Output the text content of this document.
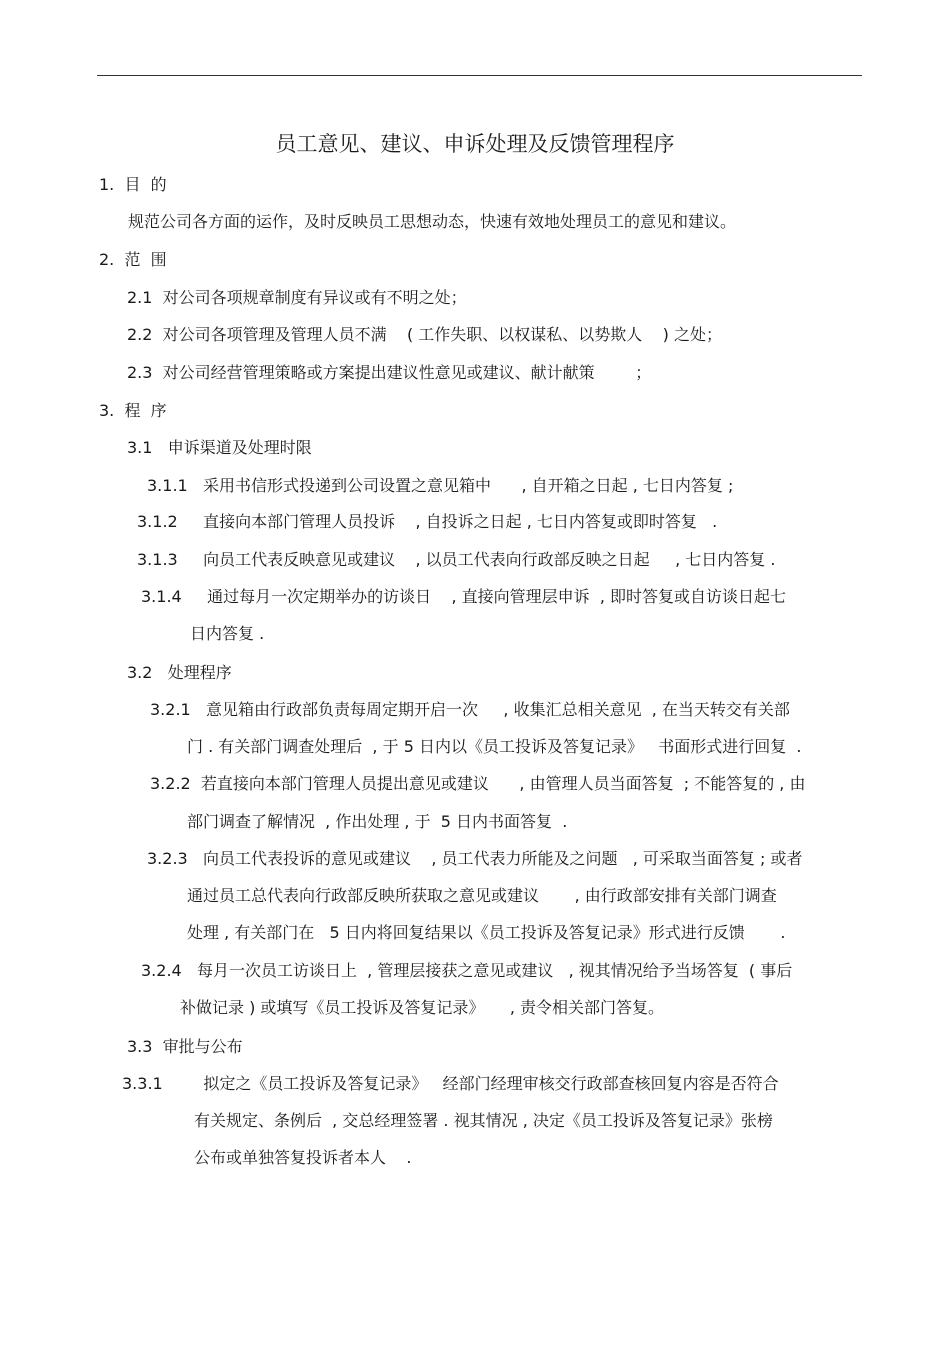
员工意见、建议、申诉处理及反馈管理程序
1.  目  的
规范公司各方面的运作，及时反映员工思想动态，快速有效地处理员工的意见和建议。
2.  范  围
2.1  对公司各项规章制度有异议或有不明之处；
2.2  对公司各项管理及管理人员不满    ( 工作失职、以权谋私、以势欺人    ) 之处；
2.3  对公司经营管理策略或方案提出建议性意见或建议、献计献策        ；
3.  程  序
3.1   申诉渠道及处理时限
3.1.1   采用书信形式投递到公司设置之意见箱中      , 自开箱之日起 , 七日内答复 ;
3.1.2     直接向本部门管理人员投诉    , 自投诉之日起 , 七日内答复或即时答复   .
3.1.3     向员工代表反映意见或建议    , 以员工代表向行政部反映之日起     , 七日内答复 .
3.1.4     通过每月一次定期举办的访谈日    , 直接向管理层申诉  , 即时答复或自访谈日起七
日内答复 .
3.2   处理程序
3.2.1   意见箱由行政部负责每周定期开启一次     , 收集汇总相关意见  , 在当天转交有关部
门 . 有关部门调查处理后  , 于 5 日内以《员工投诉及答复记录》   书面形式进行回复  .
3.2.2  若直接向本部门管理人员提出意见或建议      , 由管理人员当面答复  ; 不能答复的 , 由
部门调查了解情况  , 作出处理 , 于  5 日内书面答复  .
3.2.3   向员工代表投诉的意见或建议    , 员工代表力所能及之问题   , 可采取当面答复 ; 或者
通过员工总代表向行政部反映所获取之意见或建议       , 由行政部安排有关部门调查
处理 , 有关部门在   5 日内将回复结果以《员工投诉及答复记录》形式进行反馈       .
3.2.4   每月一次员工访谈日上  , 管理层接获之意见或建议   , 视其情况给予当场答复  ( 事后
补做记录 ) 或填写《员工投诉及答复记录》     , 责令相关部门答复。
3.3  审批与公布
3.3.1        拟定之《员工投诉及答复记录》   经部门经理审核交行政部查核回复内容是否符合
有关规定、条例后  , 交总经理签署 . 视其情况 , 决定《员工投诉及答复记录》张榜
公布或单独答复投诉者本人    .
